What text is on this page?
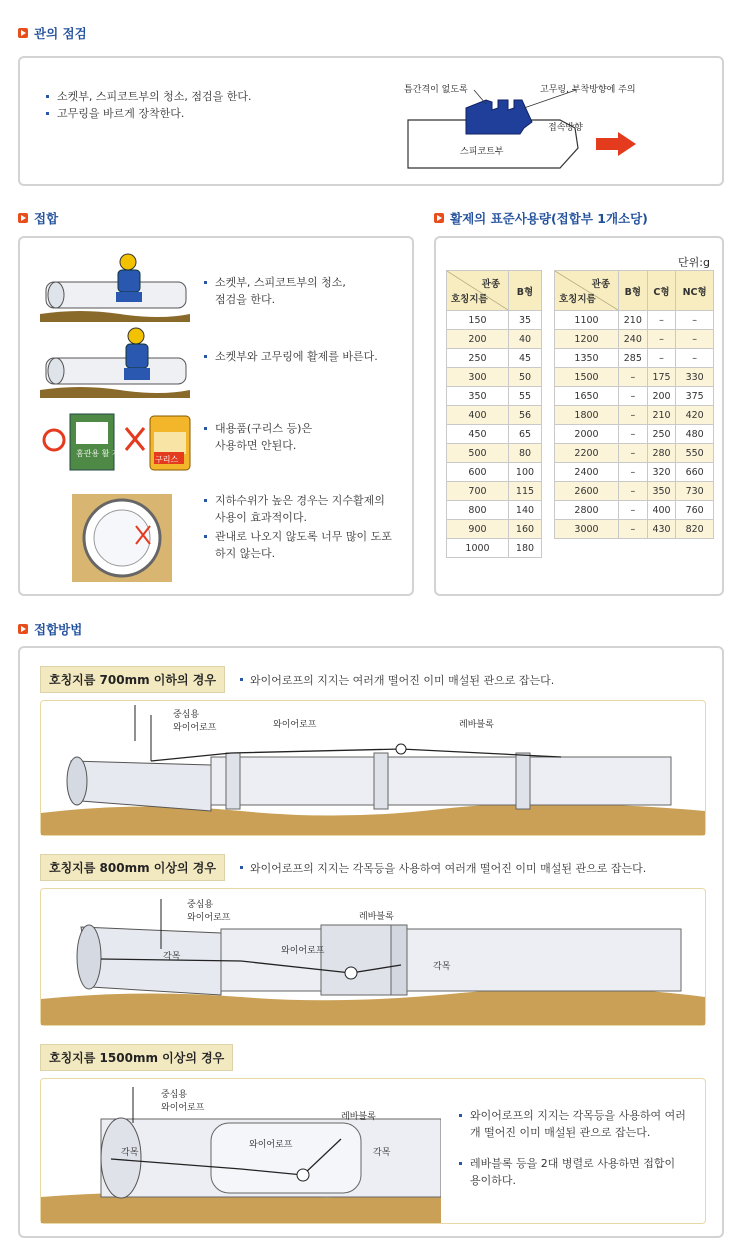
관의 점검
소켓부, 스피코트부의 청소, 점검을 한다.
고무링을 바르게 장착한다.
틈간격이 없도록	고무링, 부착방향에 주의
접속방향
스피코트부
접합
소켓부, 스피코트부의 청소,
점검을 한다.
소켓부와 고무링에 활제를 바른다.
홈관용 활 제
구리스
대용품(구리스 등)은
사용하면 안된다.
지하수위가 높은 경우는 지수활제의 사용이 효과적이다.
관내로 나오지 않도록 너무 많이 도포하지 않는다.
활제의 표준사용량(접합부 1개소당)
단위:g
관종
호칭지름	B형
150	35
200	40
250	45
300	50
350	55
400	56
450	65
500	80
600	100
700	115
800	140
900	160
1000	180
관종
호칭지름	B형	C형	NC형
1100	210	–	–
1200	240	–	–
1350	285	–	–
1500	–	175	330
1650	–	200	375
1800	–	210	420
2000	–	250	480
2200	–	280	550
2400	–	320	660
2600	–	350	730
2800	–	400	760
3000	–	430	820
접합방법
호칭지름 700mm 이하의 경우	와이어로프의 지지는 여러개 떨어진 이미 매설된 관으로 잡는다.
중심용
와이어로프	와이어로프	레바블록
호칭지름 800mm 이상의 경우	와이어로프의 지지는 각목등을 사용하여 여러개 떨어진 이미 매설된 관으로 잡는다.
중심용
와이어로프
와이어로프
레바블록
각목
각목
호칭지름 1500mm 이상의 경우
중심용
와이어로프
와이어로프
레바블록
각목	각목
와이어로프의 지지는 각목등을 사용하여 여러개 떨어진 이미 매설된 관으로 잡는다.
레바블록 등을 2대 병렬로 사용하면 접합이 용이하다.
